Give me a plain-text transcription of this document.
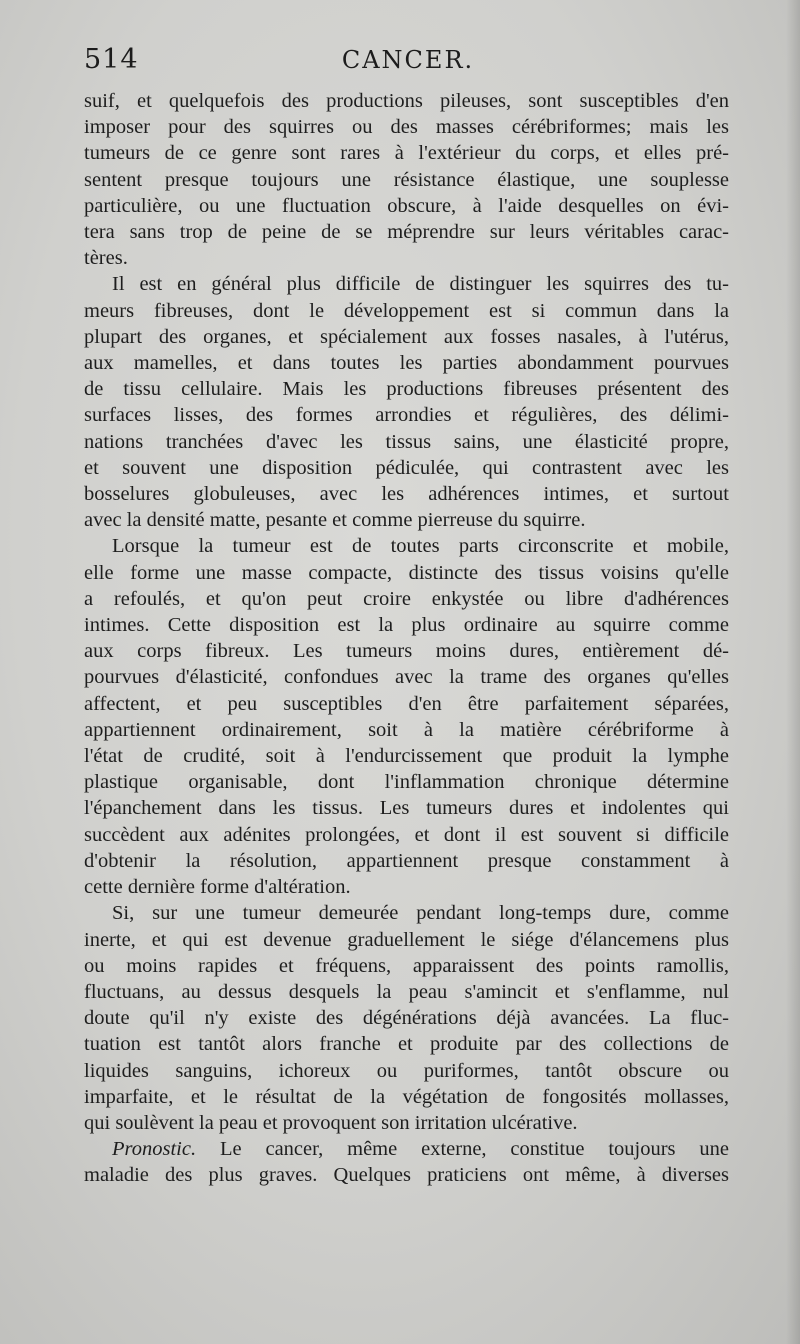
514	CANCER.
suif, et quelquefois des productions pileuses, sont susceptibles d'en
imposer pour des squirres ou des masses cérébriformes; mais les
tumeurs de ce genre sont rares à l'extérieur du corps, et elles pré-
sentent presque toujours une résistance élastique, une souplesse
particulière, ou une fluctuation obscure, à l'aide desquelles on évi-
tera sans trop de peine de se méprendre sur leurs véritables carac-
tères.
Il est en général plus difficile de distinguer les squirres des tu-
meurs fibreuses, dont le développement est si commun dans la
plupart des organes, et spécialement aux fosses nasales, à l'utérus,
aux mamelles, et dans toutes les parties abondamment pourvues
de tissu cellulaire. Mais les productions fibreuses présentent des
surfaces lisses, des formes arrondies et régulières, des délimi-
nations tranchées d'avec les tissus sains, une élasticité propre,
et souvent une disposition pédiculée, qui contrastent avec les
bosselures globuleuses, avec les adhérences intimes, et surtout
avec la densité matte, pesante et comme pierreuse du squirre.
Lorsque la tumeur est de toutes parts circonscrite et mobile,
elle forme une masse compacte, distincte des tissus voisins qu'elle
a refoulés, et qu'on peut croire enkystée ou libre d'adhérences
intimes. Cette disposition est la plus ordinaire au squirre comme
aux corps fibreux. Les tumeurs moins dures, entièrement dé-
pourvues d'élasticité, confondues avec la trame des organes qu'elles
affectent, et peu susceptibles d'en être parfaitement séparées,
appartiennent ordinairement, soit à la matière cérébriforme à
l'état de crudité, soit à l'endurcissement que produit la lymphe
plastique organisable, dont l'inflammation chronique détermine
l'épanchement dans les tissus. Les tumeurs dures et indolentes qui
succèdent aux adénites prolongées, et dont il est souvent si difficile
d'obtenir la résolution, appartiennent presque constamment à
cette dernière forme d'altération.
Si, sur une tumeur demeurée pendant long-temps dure, comme
inerte, et qui est devenue graduellement le siége d'élancemens plus
ou moins rapides et fréquens, apparaissent des points ramollis,
fluctuans, au dessus desquels la peau s'amincit et s'enflamme, nul
doute qu'il n'y existe des dégénérations déjà avancées. La fluc-
tuation est tantôt alors franche et produite par des collections de
liquides sanguins, ichoreux ou puriformes, tantôt obscure ou
imparfaite, et le résultat de la végétation de fongosités mollasses,
qui soulèvent la peau et provoquent son irritation ulcérative.
Pronostic. Le cancer, même externe, constitue toujours une
maladie des plus graves. Quelques praticiens ont même, à diverses
